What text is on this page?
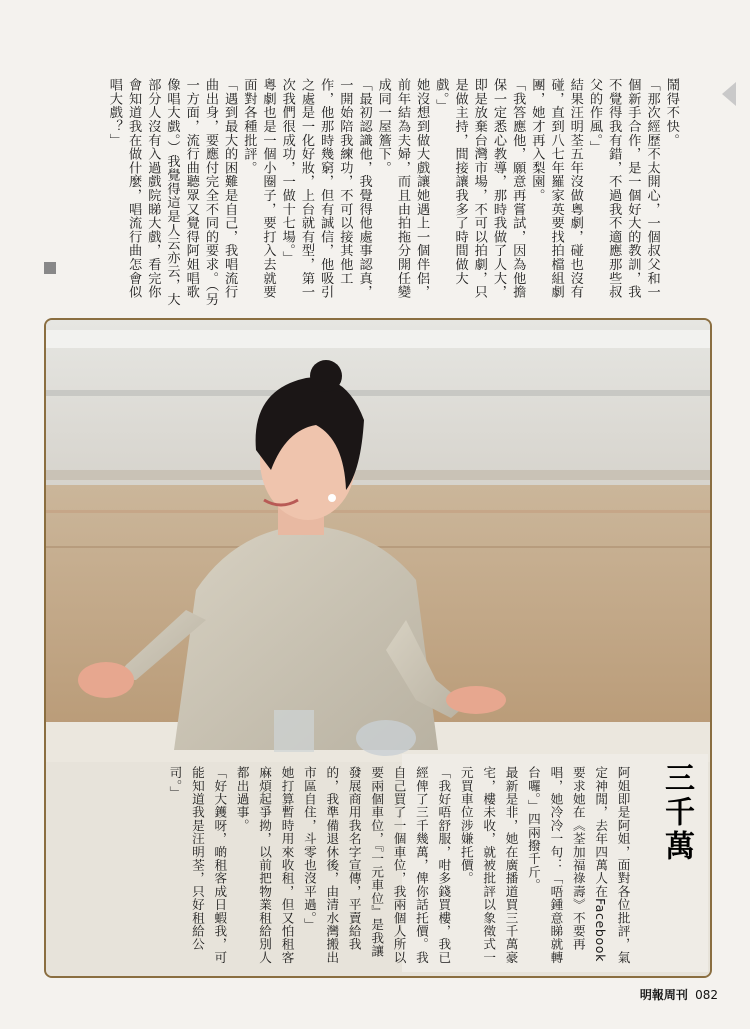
鬧得不快。
「那次經歷不太開心，一個叔父和一個新手合作，是一個好大的教訓，我不覺得我有錯，不過我不適應那些叔父的作風。」
結果汪明荃五年沒做粵劇，碰也沒有碰，直到八七年羅家英要找拍檔組劇團，她才再入梨園。
「我答應他，願意再嘗試，因為他擔保一定悉心教導，那時我做了人大，即是放棄台灣市場，不可以拍劇，只是做主持，間接讓我多了時間做大戲。」
她沒想到做大戲讓她遇上一個伴侶，前年結為夫婦，而且由拍拖分開任變成同一屋簷下。
「最初認識他，我覺得他處事認真，一開始陪我練功，不可以接其他工作，他那時幾窮，但有誠信，他吸引之處是一化好妝，上台就有型，第一次我們很成功，一做十七場。」
粵劇也是一個小圈子，要打入去就要面對各種批評。
「遇到最大的困難是自己，我唱流行曲出身，要應付完全不同的要求。（另一方面，流行曲聽眾又覺得阿姐唱歌像唱大戲。）我覺得這是人云亦云，大部分人沒有入過戲院睇大戲，看完你會知道我在做什麼，唱流行曲怎會似唱大戲？」

三千萬

阿姐即是阿姐，面對各位批評，氣定神閒，去年四萬人在Facebook要求她在《荃加福祿壽》不要再唱，她冷冷一句：「唔鍾意睇就轉台囉。」四兩撥千斤。
最新是非，她在廣播道買三千萬豪宅，樓未收，就被批評以象徵式一元買車位涉嫌托價。
「我好唔舒服，咁多錢買樓，我已經俾了三千幾萬，俾你話托價。我自己買了一個車位，我兩個人所以要兩個車位，『一元車位』是我讓發展商用我名字宣傳，平賣給我的，我準備退休後，由清水灣搬出市區自住，斗零也沒平過。」
她打算暫時用來收租，但又怕租客麻煩起爭拗，以前把物業租給別人都出過事。
「好大鑊呀，啲租客成日蝦我，可能知道我是汪明荃，只好租給公司。」

明報周刊 082
